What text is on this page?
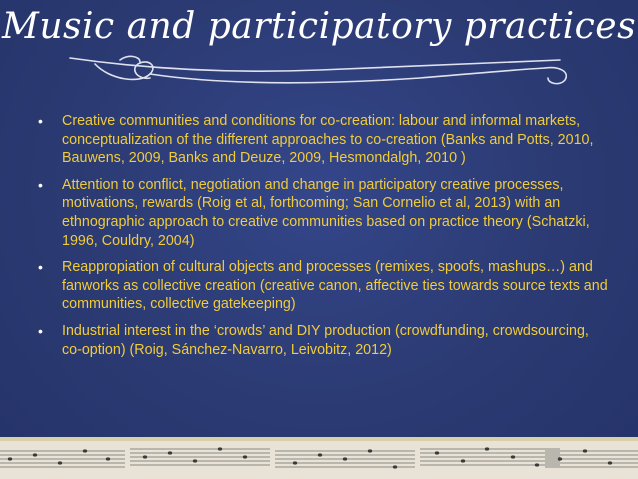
Music and participatory practices
• Creative communities and conditions for co-creation: labour and informal markets, conceptualization of the different approaches to co-creation (Banks and Potts, 2010, Bauwens, 2009, Banks and Deuze, 2009, Hesmondalgh, 2010 )
• Attention to conflict, negotiation and change in participatory creative processes, motivations, rewards (Roig et al, forthcoming; San Cornelio et al, 2013) with an ethnographic approach to creative communities based on practice theory (Schatzki, 1996, Couldry, 2004)
• Reappropiation of cultural objects and processes (remixes, spoofs, mashups…) and fanworks as collective creation (creative canon, affective ties towards source texts and communities, collective gatekeeping)
• Industrial interest in the ‘crowds’ and DIY production (crowdfunding, crowdsourcing, co-option) (Roig, Sánchez-Navarro, Leivobitz, 2012)
